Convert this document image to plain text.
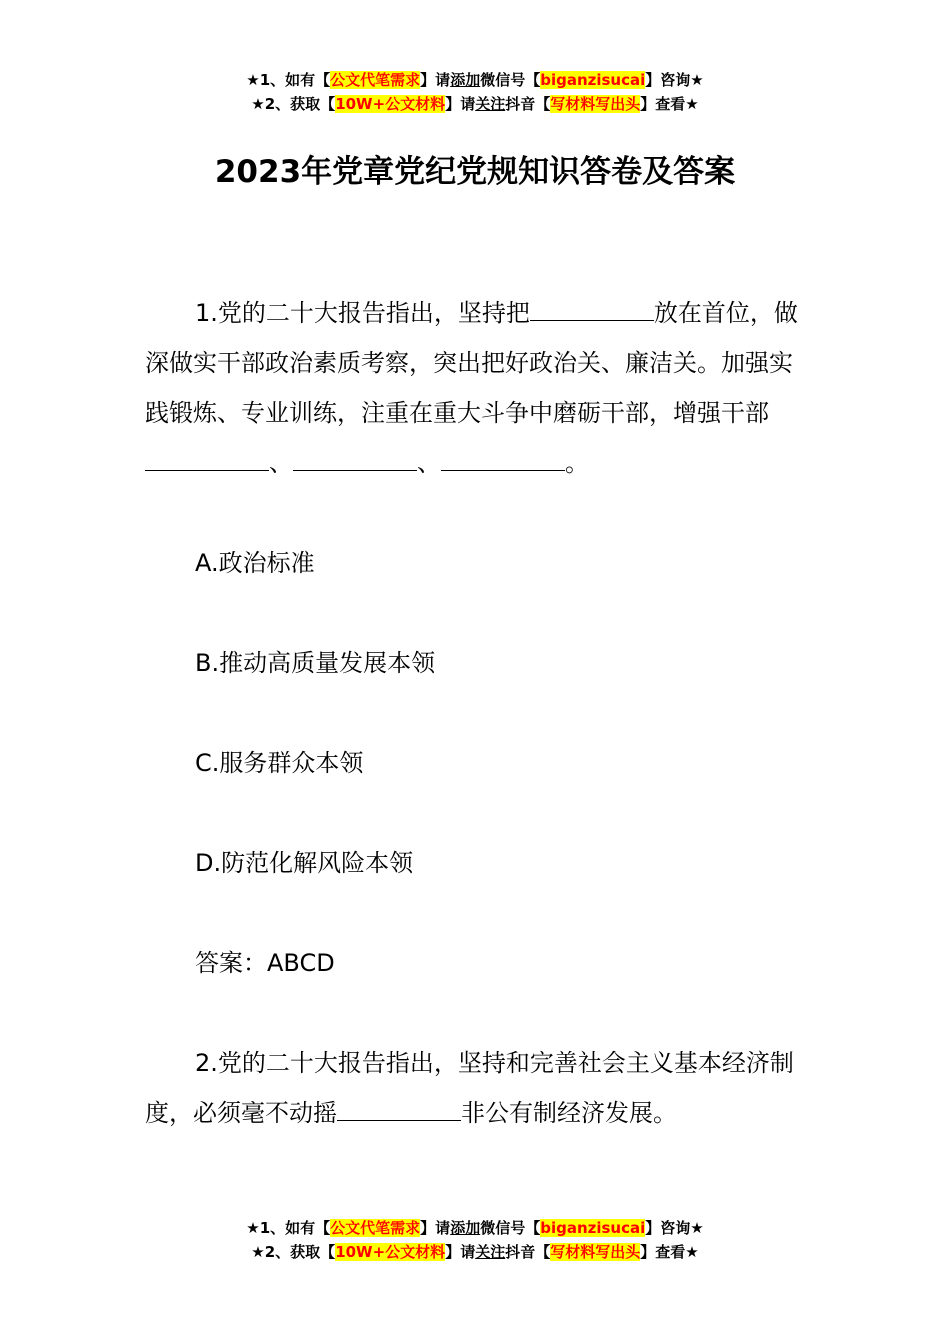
★1、如有【公文代笔需求】请添加微信号【biganzisucai】咨询★
★2、获取【10W+公文材料】请关注抖音【写材料写出头】查看★
2023年党章党纪党规知识答卷及答案

1.党的二十大报告指出，坚持把	放在首位，做深做实干部政治素质考察，突出把好政治关、廉洁关。加强实践锻炼、专业训练，注重在重大斗争中磨砺干部，增强干部、	、	。

A.政治标准
B.推动高质量发展本领
C.服务群众本领
D.防范化解风险本领
答案：ABCD

2.党的二十大报告指出，坚持和完善社会主义基本经济制度，必须毫不动摇	非公有制经济发展。

★1、如有【公文代笔需求】请添加微信号【biganzisucai】咨询★
★2、获取【10W+公文材料】请关注抖音【写材料写出头】查看★
